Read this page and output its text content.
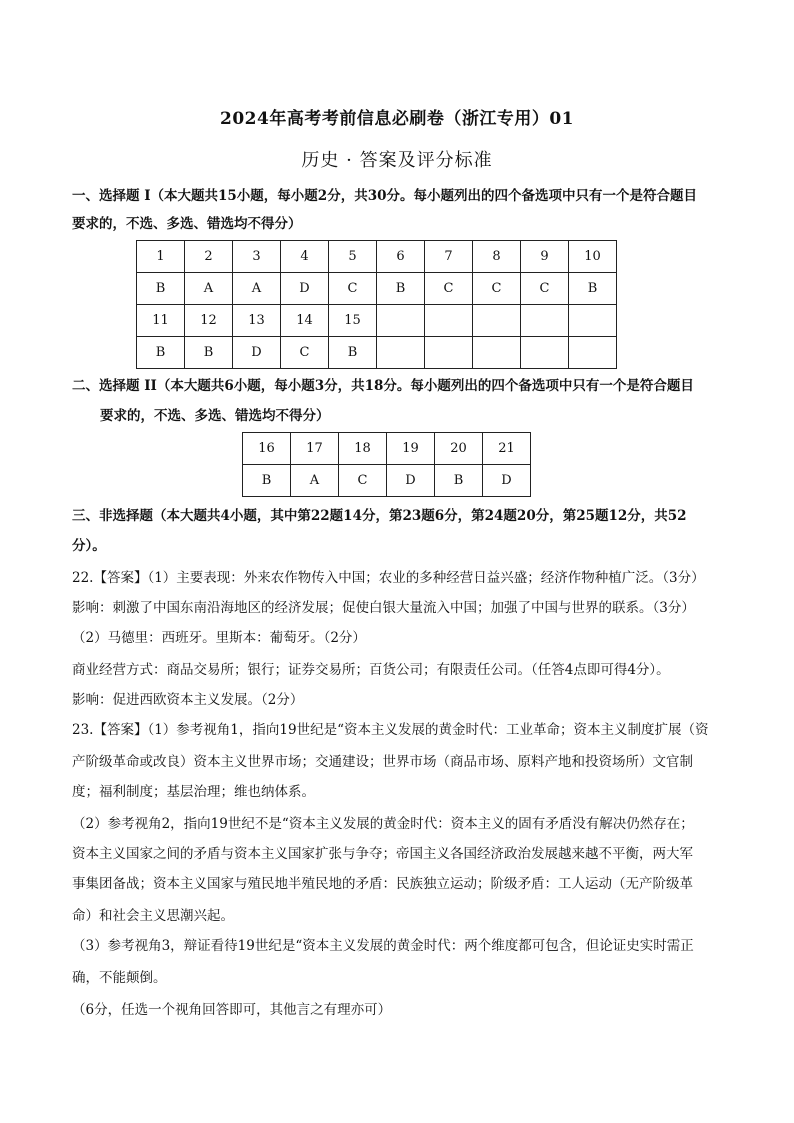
2024年高考考前信息必刷卷（浙江专用）01
历史 · 答案及评分标准
一、选择题 I（本大题共15小题，每小题2分，共30分。每小题列出的四个备选项中只有一个是符合题目
要求的，不选、多选、错选均不得分）
1	2	3	4	5	6	7	8	9	10
B	A	A	D	C	B	C	C	C	B
11	12	13	14	15					
B	B	D	C	B					
二、选择题 II（本大题共6小题，每小题3分，共18分。每小题列出的四个备选项中只有一个是符合题目
要求的，不选、多选、错选均不得分）
16	17	18	19	20	21
B	A	C	D	B	D
三、非选择题（本大题共4小题，其中第22题14分，第23题6分，第24题20分，第25题12分，共52
分）。
22.【答案】（1）主要表现：外来农作物传入中国；农业的多种经营日益兴盛；经济作物种植广泛。（3分）
影响：刺激了中国东南沿海地区的经济发展；促使白银大量流入中国；加强了中国与世界的联系。（3分）
（2）马德里：西班牙。里斯本：葡萄牙。（2分）
商业经营方式：商品交易所；银行；证券交易所；百货公司；有限责任公司。（任答4点即可得4分）。
影响：促进西欧资本主义发展。（2分）
23.【答案】（1）参考视角1，指向19世纪是“资本主义发展的黄金时代：工业革命；资本主义制度扩展（资
产阶级革命或改良）资本主义世界市场；交通建设；世界市场（商品市场、原料产地和投资场所）文官制
度；福利制度；基层治理；维也纳体系。
（2）参考视角2，指向19世纪不是“资本主义发展的黄金时代：资本主义的固有矛盾没有解决仍然存在；
资本主义国家之间的矛盾与资本主义国家扩张与争夺；帝国主义各国经济政治发展越来越不平衡，两大军
事集团备战；资本主义国家与殖民地半殖民地的矛盾：民族独立运动；阶级矛盾：工人运动（无产阶级革
命）和社会主义思潮兴起。
（3）参考视角3，辩证看待19世纪是“资本主义发展的黄金时代：两个维度都可包含，但论证史实时需正
确，不能颠倒。
（6分，任选一个视角回答即可，其他言之有理亦可）
